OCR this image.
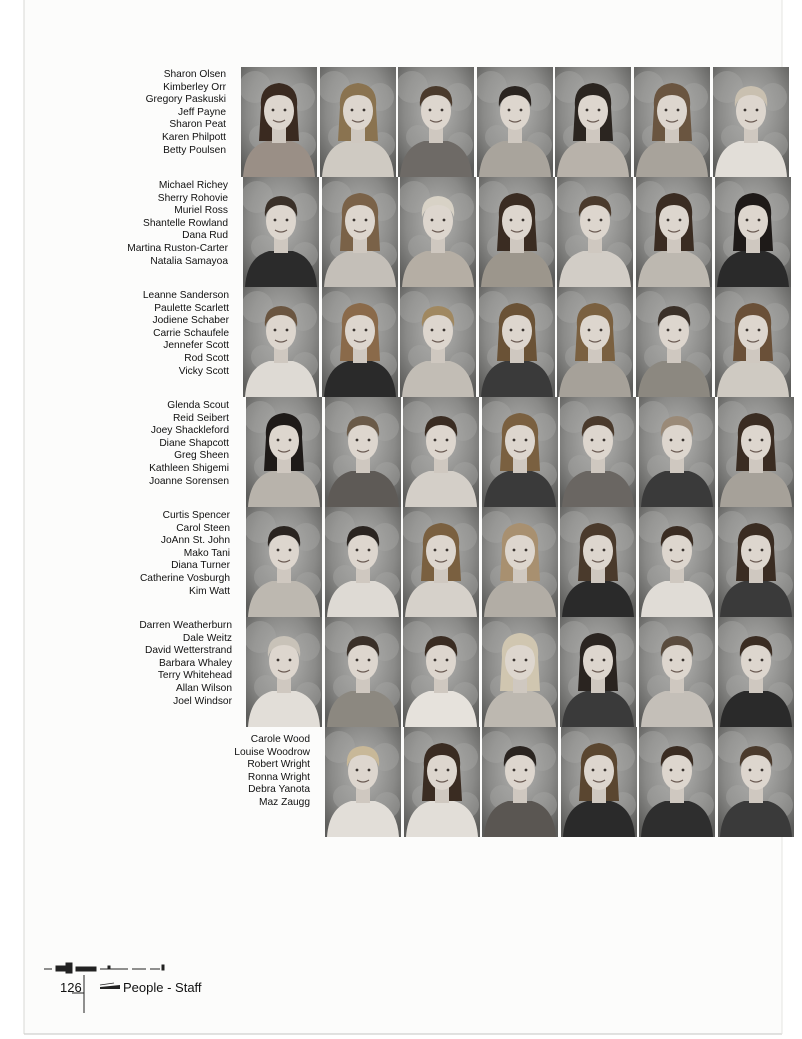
Sharon Olsen
Kimberley Orr
Gregory Paskuski
Jeff Payne
Sharon Peat
Karen Philpott
Betty Poulsen
Michael Richey
Sherry Rohovie
Muriel Ross
Shantelle Rowland
Dana Rud
Martina Ruston-Carter
Natalia Samayoa
Leanne Sanderson
Paulette Scarlett
Jodiene Schaber
Carrie Schaufele
Jennefer Scott
Rod Scott
Vicky Scott
Glenda Scout
Reid Seibert
Joey Shackleford
Diane Shapcott
Greg Sheen
Kathleen Shigemi
Joanne Sorensen
Curtis Spencer
Carol Steen
JoAnn St. John
Mako Tani
Diana Turner
Catherine Vosburgh
Kim Watt
Darren Weatherburn
Dale Weitz
David Wetterstrand
Barbara Whaley
Terry Whitehead
Allan Wilson
Joel Windsor
Carole Wood
Louise Woodrow
Robert Wright
Ronna Wright
Debra Yanota
Maz Zaugg
126	People - Staff
